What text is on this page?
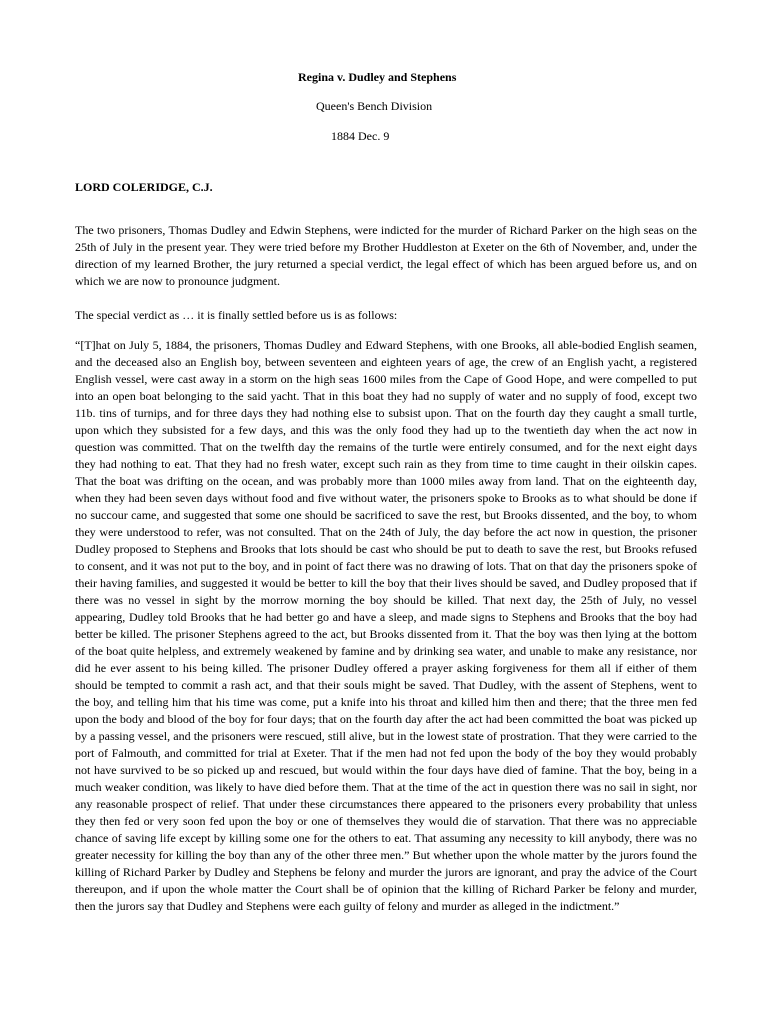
Regina v. Dudley and Stephens
Queen's Bench Division
1884 Dec. 9
LORD COLERIDGE, C.J.

The two prisoners, Thomas Dudley and Edwin Stephens, were indicted for the murder of Richard Parker on the high seas on the 25th of July in the present year. They were tried before my Brother Huddleston at Exeter on the 6th of November, and, under the direction of my learned Brother, the jury returned a special verdict, the legal effect of which has been argued before us, and on which we are now to pronounce judgment.

The special verdict as … it is finally settled before us is as follows:

“[T]hat on July 5, 1884, the prisoners, Thomas Dudley and Edward Stephens, with one Brooks, all able-bodied English seamen, and the deceased also an English boy, between seventeen and eighteen years of age, the crew of an English yacht, a registered English vessel, were cast away in a storm on the high seas 1600 miles from the Cape of Good Hope, and were compelled to put into an open boat belonging to the said yacht. That in this boat they had no supply of water and no supply of food, except two 11b. tins of turnips, and for three days they had nothing else to subsist upon. That on the fourth day they caught a small turtle, upon which they subsisted for a few days, and this was the only food they had up to the twentieth day when the act now in question was committed. That on the twelfth day the remains of the turtle were entirely consumed, and for the next eight days they had nothing to eat. That they had no fresh water, except such rain as they from time to time caught in their oilskin capes. That the boat was drifting on the ocean, and was probably more than 1000 miles away from land. That on the eighteenth day, when they had been seven days without food and five without water, the prisoners spoke to Brooks as to what should be done if no succour came, and suggested that some one should be sacrificed to save the rest, but Brooks dissented, and the boy, to whom they were understood to refer, was not consulted. That on the 24th of July, the day before the act now in question, the prisoner Dudley proposed to Stephens and Brooks that lots should be cast who should be put to death to save the rest, but Brooks refused to consent, and it was not put to the boy, and in point of fact there was no drawing of lots. That on that day the prisoners spoke of their having families, and suggested it would be better to kill the boy that their lives should be saved, and Dudley proposed that if there was no vessel in sight by the morrow morning the boy should be killed. That next day, the 25th of July, no vessel appearing, Dudley told Brooks that he had better go and have a sleep, and made signs to Stephens and Brooks that the boy had better be killed. The prisoner Stephens agreed to the act, but Brooks dissented from it. That the boy was then lying at the bottom of the boat quite helpless, and extremely weakened by famine and by drinking sea water, and unable to make any resistance, nor did he ever assent to his being killed. The prisoner Dudley offered a prayer asking forgiveness for them all if either of them should be tempted to commit a rash act, and that their souls might be saved. That Dudley, with the assent of Stephens, went to the boy, and telling him that his time was come, put a knife into his throat and killed him then and there; that the three men fed upon the body and blood of the boy for four days; that on the fourth day after the act had been committed the boat was picked up by a passing vessel, and the prisoners were rescued, still alive, but in the lowest state of prostration. That they were carried to the port of Falmouth, and committed for trial at Exeter. That if the men had not fed upon the body of the boy they would probably not have survived to be so picked up and rescued, but would within the four days have died of famine. That the boy, being in a much weaker condition, was likely to have died before them. That at the time of the act in question there was no sail in sight, nor any reasonable prospect of relief. That under these circumstances there appeared to the prisoners every probability that unless they then fed or very soon fed upon the boy or one of themselves they would die of starvation. That there was no appreciable chance of saving life except by killing some one for the others to eat. That assuming any necessity to kill anybody, there was no greater necessity for killing the boy than any of the other three men.” But whether upon the whole matter by the jurors found the killing of Richard Parker by Dudley and Stephens be felony and murder the jurors are ignorant, and pray the advice of the Court thereupon, and if upon the whole matter the Court shall be of opinion that the killing of Richard Parker be felony and murder, then the jurors say that Dudley and Stephens were each guilty of felony and murder as alleged in the indictment.”
